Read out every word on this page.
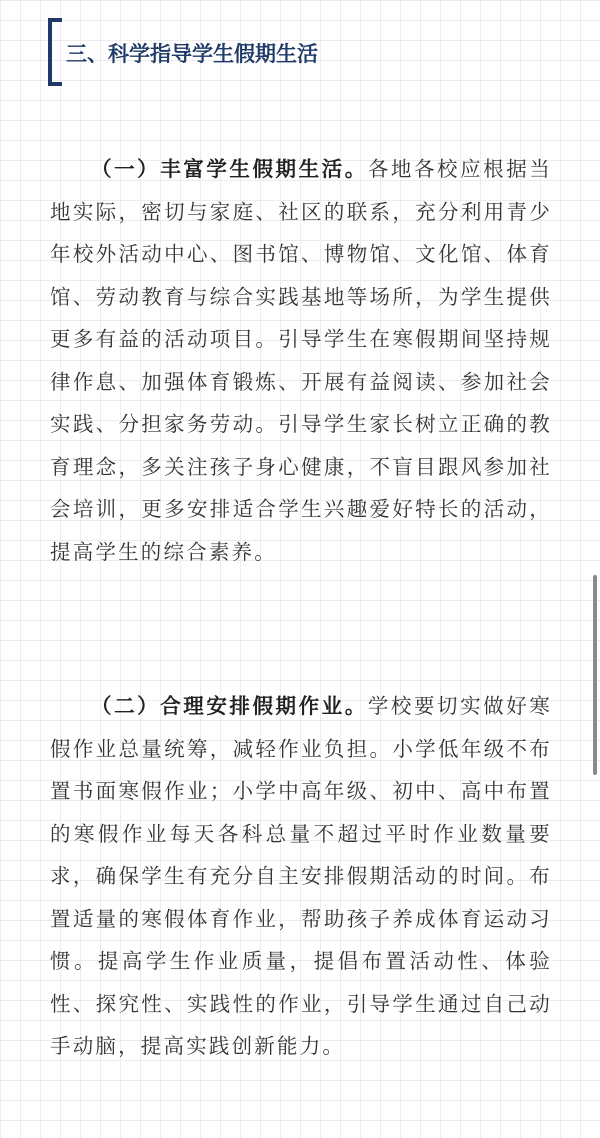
三、科学指导学生假期生活

（一）丰富学生假期生活。各地各校应根据当地实际，密切与家庭、社区的联系，充分利用青少年校外活动中心、图书馆、博物馆、文化馆、体育馆、劳动教育与综合实践基地等场所，为学生提供更多有益的活动项目。引导学生在寒假期间坚持规律作息、加强体育锻炼、开展有益阅读、参加社会实践、分担家务劳动。引导学生家长树立正确的教育理念，多关注孩子身心健康，不盲目跟风参加社会培训，更多安排适合学生兴趣爱好特长的活动，提高学生的综合素养。

（二）合理安排假期作业。学校要切实做好寒假作业总量统筹，减轻作业负担。小学低年级不布置书面寒假作业；小学中高年级、初中、高中布置的寒假作业每天各科总量不超过平时作业数量要求，确保学生有充分自主安排假期活动的时间。布置适量的寒假体育作业，帮助孩子养成体育运动习惯。提高学生作业质量，提倡布置活动性、体验性、探究性、实践性的作业，引导学生通过自己动手动脑，提高实践创新能力。
